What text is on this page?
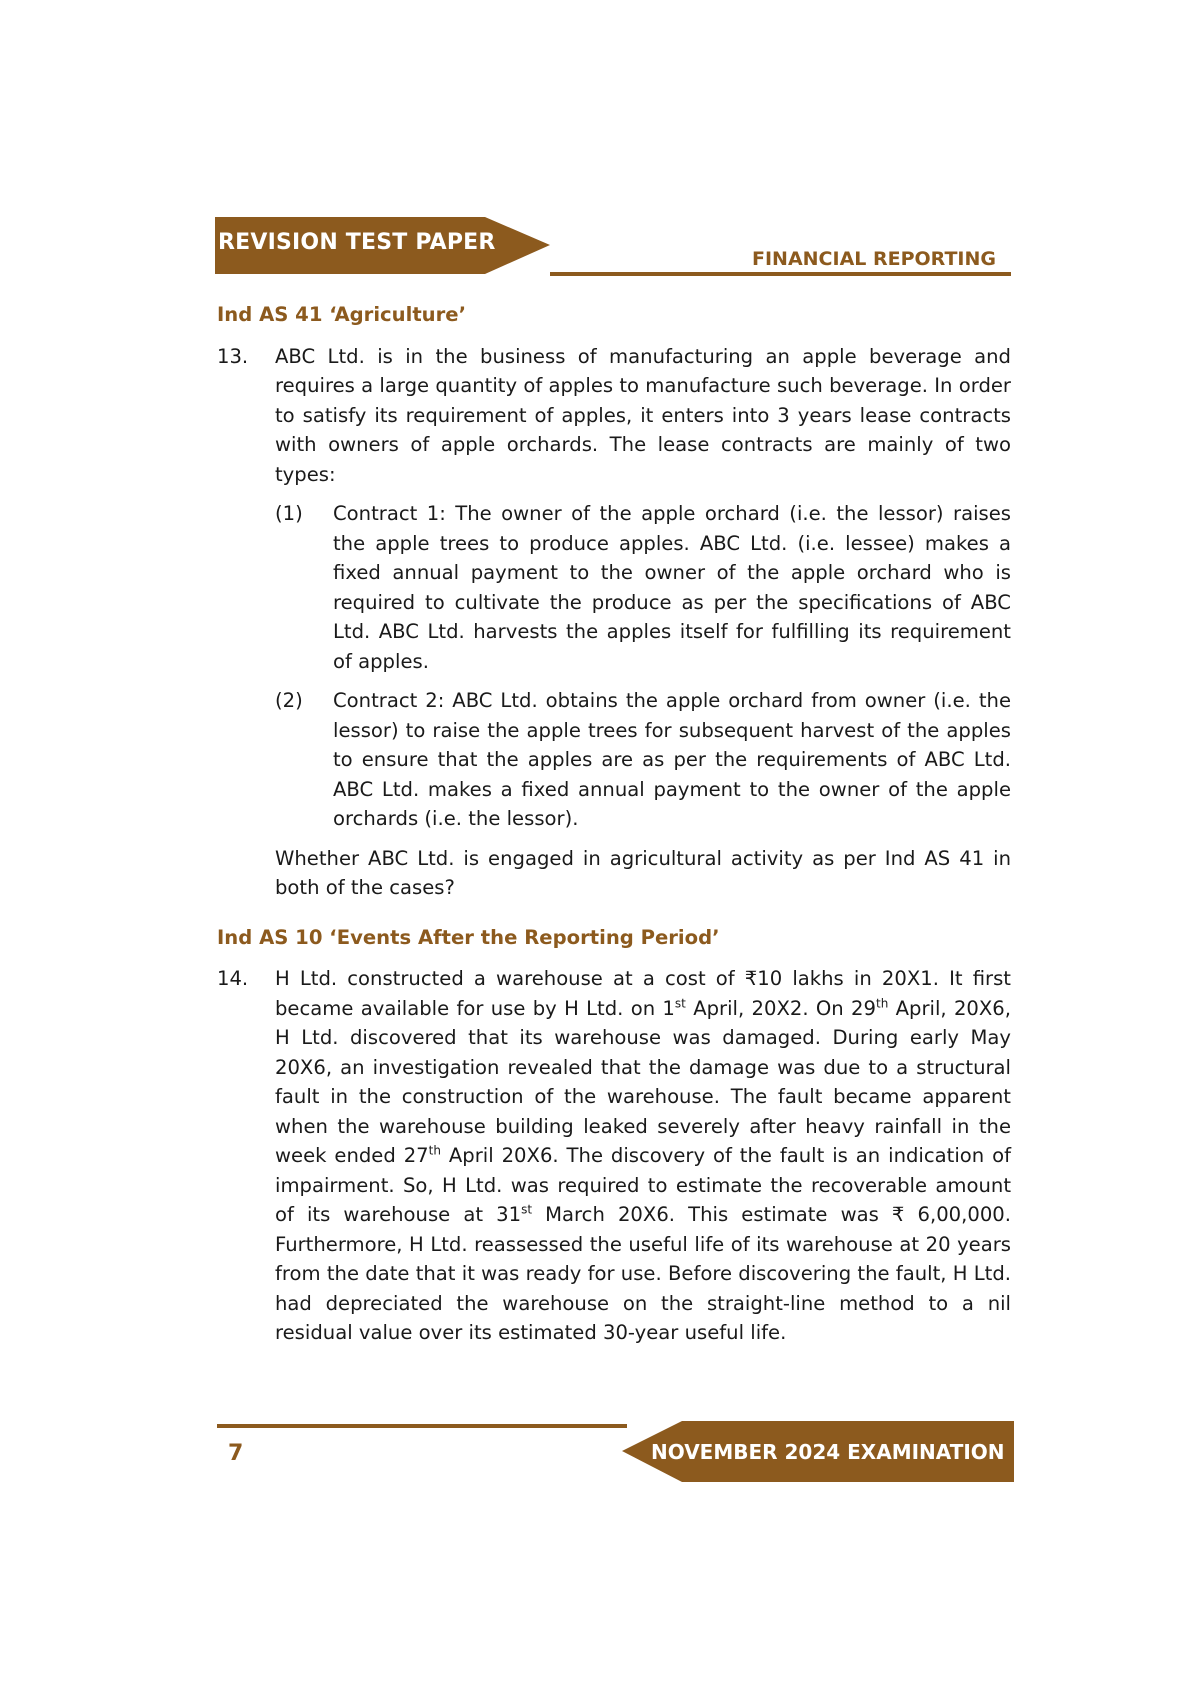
REVISION TEST PAPER
FINANCIAL REPORTING
Ind AS 41 ‘Agriculture’
13.	ABC Ltd. is in the business of manufacturing an apple beverage and requires a large quantity of apples to manufacture such beverage. In order to satisfy its requirement of apples, it enters into 3 years lease contracts with owners of apple orchards. The lease contracts are mainly of two types:

(1)	Contract 1: The owner of the apple orchard (i.e. the lessor) raises the apple trees to produce apples. ABC Ltd. (i.e. lessee) makes a fixed annual payment to the owner of the apple orchard who is required to cultivate the produce as per the specifications of ABC Ltd. ABC Ltd. harvests the apples itself for fulfilling its requirement of apples.
(2)	Contract 2: ABC Ltd. obtains the apple orchard from owner (i.e. the lessor) to raise the apple trees for subsequent harvest of the apples to ensure that the apples are as per the requirements of ABC Ltd. ABC Ltd. makes a fixed annual payment to the owner of the apple orchards (i.e. the lessor).

Whether ABC Ltd. is engaged in agricultural activity as per Ind AS 41 in both of the cases?

Ind AS 10 ‘Events After the Reporting Period’
14.	H Ltd. constructed a warehouse at a cost of ₹10 lakhs in 20X1. It first became available for use by H Ltd. on 1st April, 20X2. On 29th April, 20X6, H Ltd. discovered that its warehouse was damaged. During early May 20X6, an investigation revealed that the damage was due to a structural fault in the construction of the warehouse. The fault became apparent when the warehouse building leaked severely after heavy rainfall in the week ended 27th April 20X6. The discovery of the fault is an indication of impairment. So, H Ltd. was required to estimate the recoverable amount of its warehouse at 31st March 20X6. This estimate was ₹ 6,00,000. Furthermore, H Ltd. reassessed the useful life of its warehouse at 20 years from the date that it was ready for use. Before discovering the fault, H Ltd. had depreciated the warehouse on the straight-line method to a nil residual value over its estimated 30-year useful life.

NOVEMBER 2024 EXAMINATION
7
